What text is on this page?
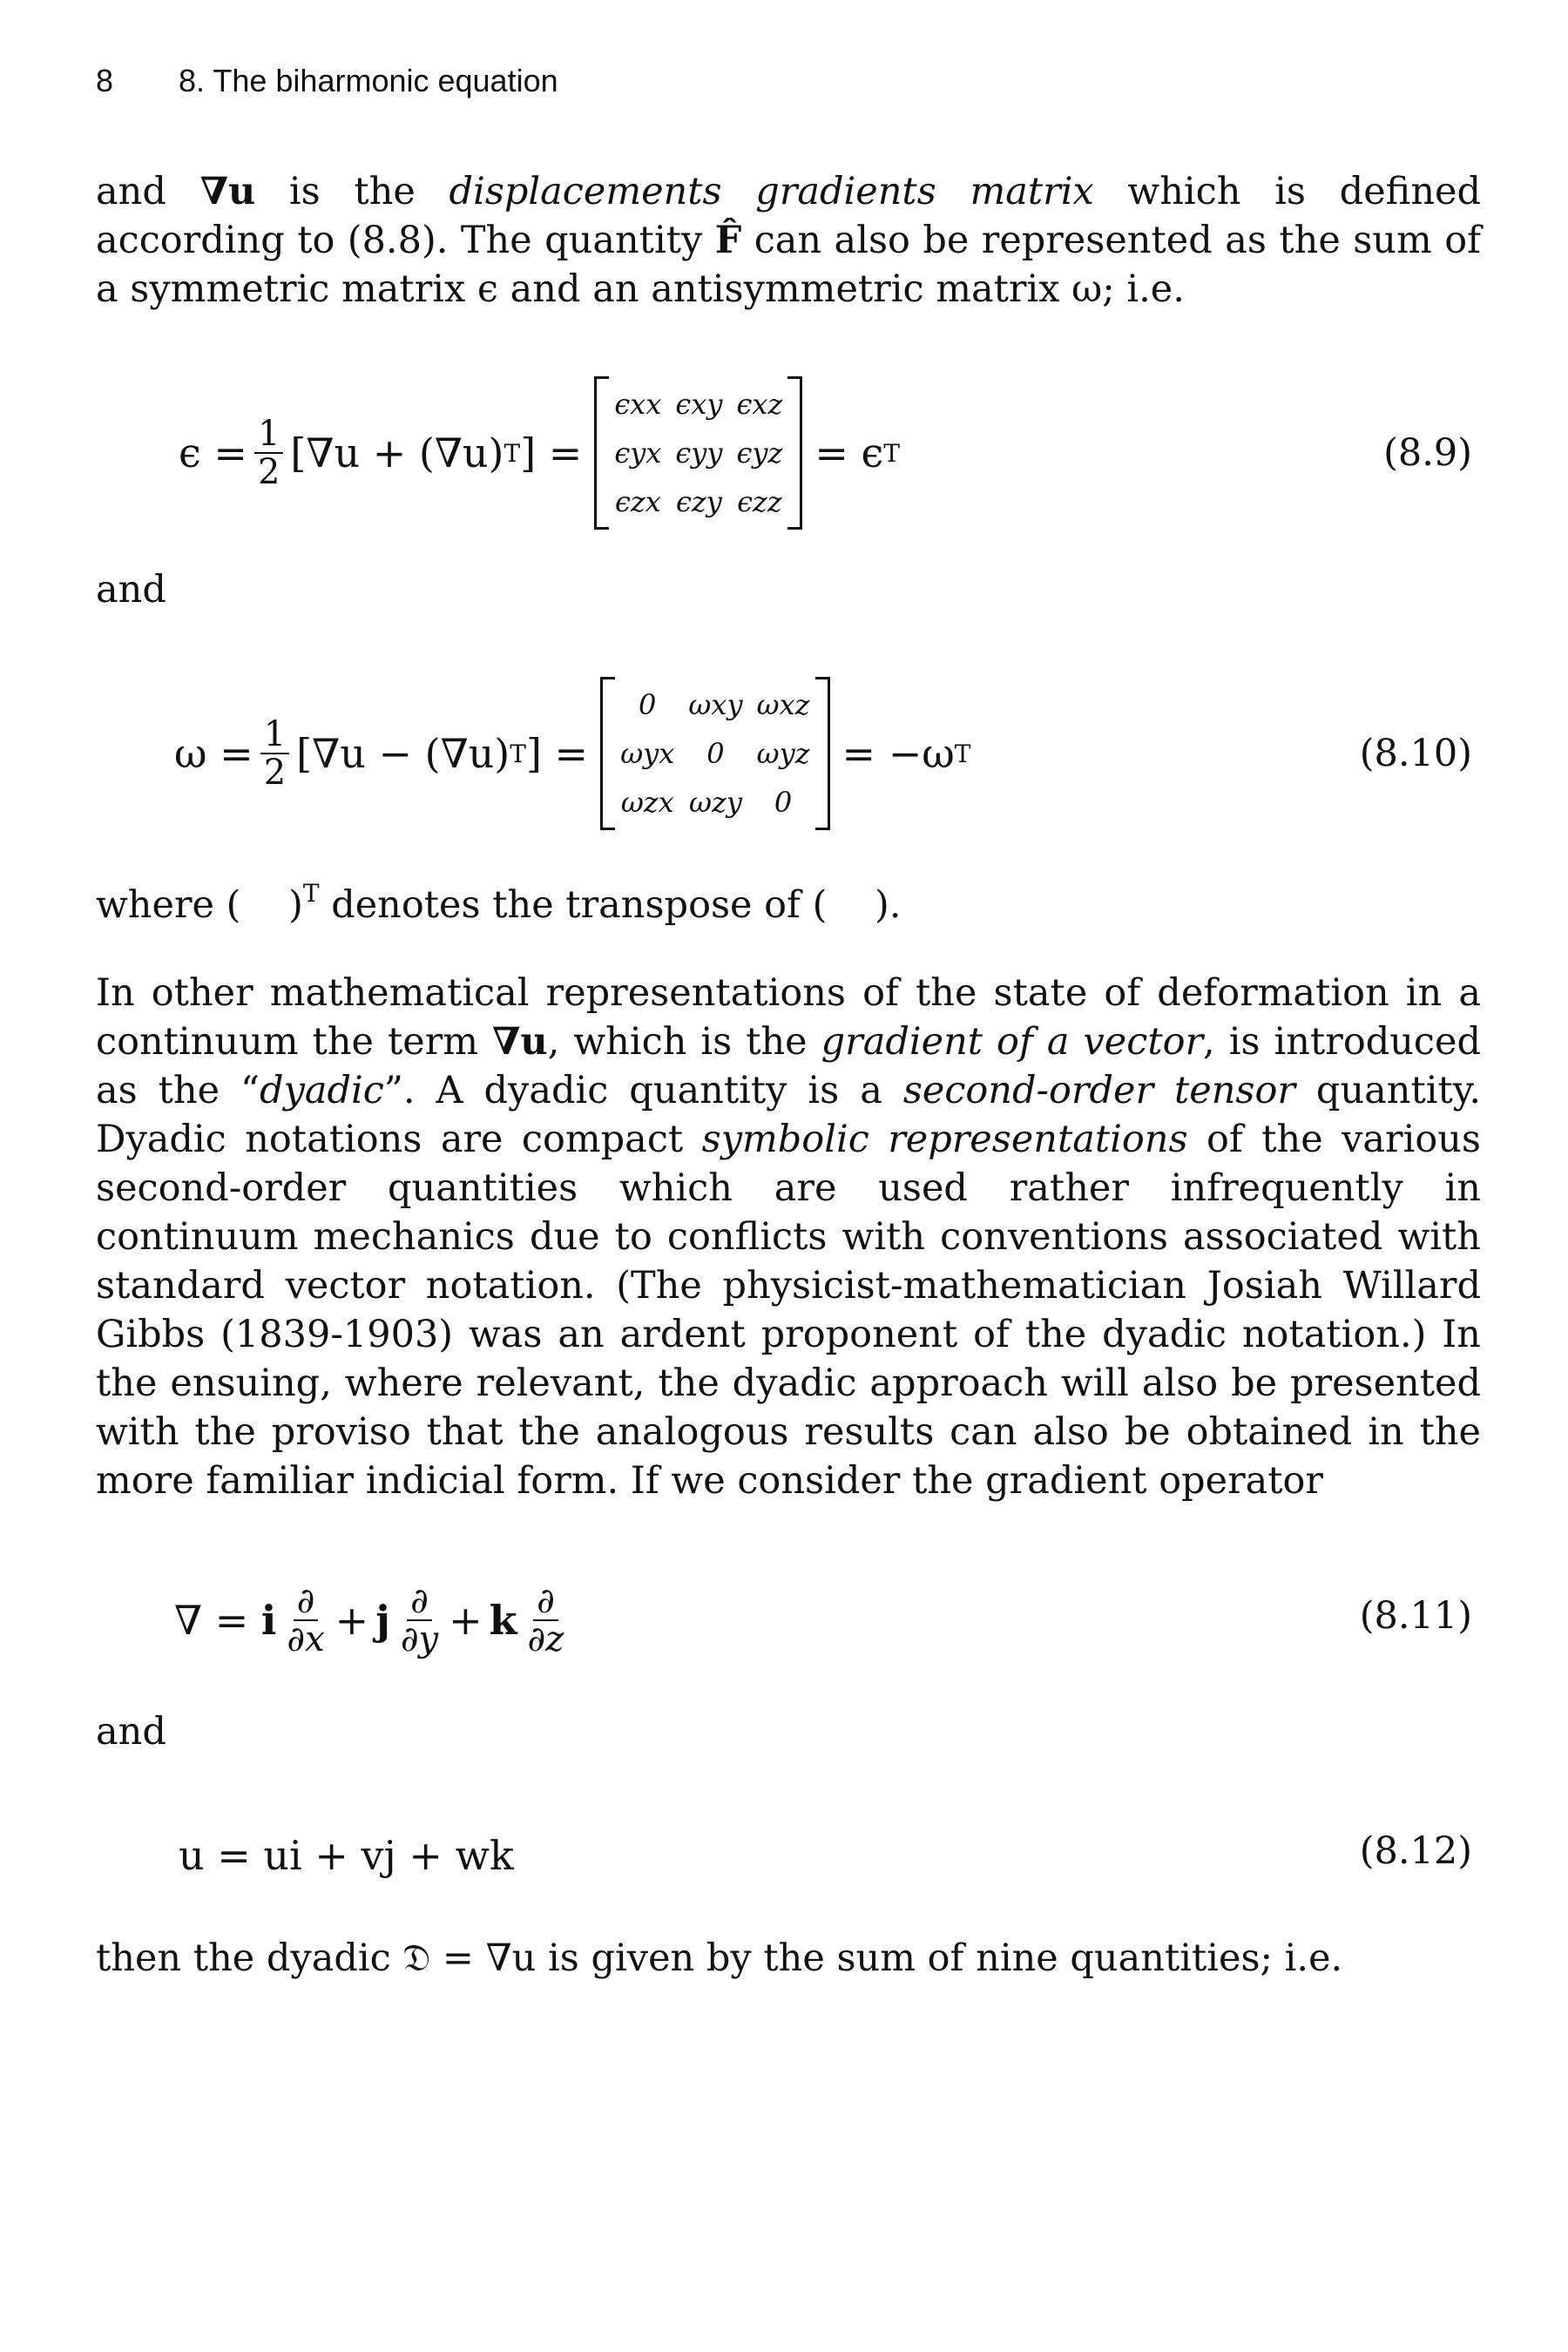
8 8. The biharmonic equation
and ∇u is the displacements gradients matrix which is defined according to (8.8). The quantity F̂ can also be represented as the sum of a symmetric matrix ϵ and an antisymmetric matrix ω; i.e.
$\epsilon = \frac{1}{2} [\nabla u + (\nabla u)$ T ] =
ϵxx ϵxy ϵxz
ϵyx ϵyy ϵyz
ϵzx ϵzy ϵzz
= ϵ T	(8.9)
and
$\omega = \frac{1}{2} [\nabla u - (\nabla u)$ T ] =
0	ωxy ωxz
ωyx	0	ωyz
ωzx ωzy	0
= −ω T	(8.10)
where (    )$^T$ denotes the transpose of (    ).
In other mathematical representations of the state of deformation in a continuum the term ∇u, which is the gradient of a vector, is introduced as the “dyadic”. A dyadic quantity is a second-order tensor quantity. Dyadic notations are compact symbolic representations of the various second-order quantities which are used rather infrequently in continuum mechanics due to conflicts with conventions associated with standard vector notation. (The physicist-mathematician Josiah Willard Gibbs (1839-1903) was an ardent proponent of the dyadic notation.) In the ensuing, where relevant, the dyadic approach will also be presented with the proviso that the analogous results can also be obtained in the more familiar indicial form. If we consider the gradient operator
∇ = i $\frac{\partial}{\partial x} + j \frac{\partial}{\partial y} + k \frac{\partial}{\partial z}$	(8.11)
and
u = ui + vj + wk	(8.12)
then the dyadic 𝔇 = ∇u is given by the sum of nine quantities; i.e.
